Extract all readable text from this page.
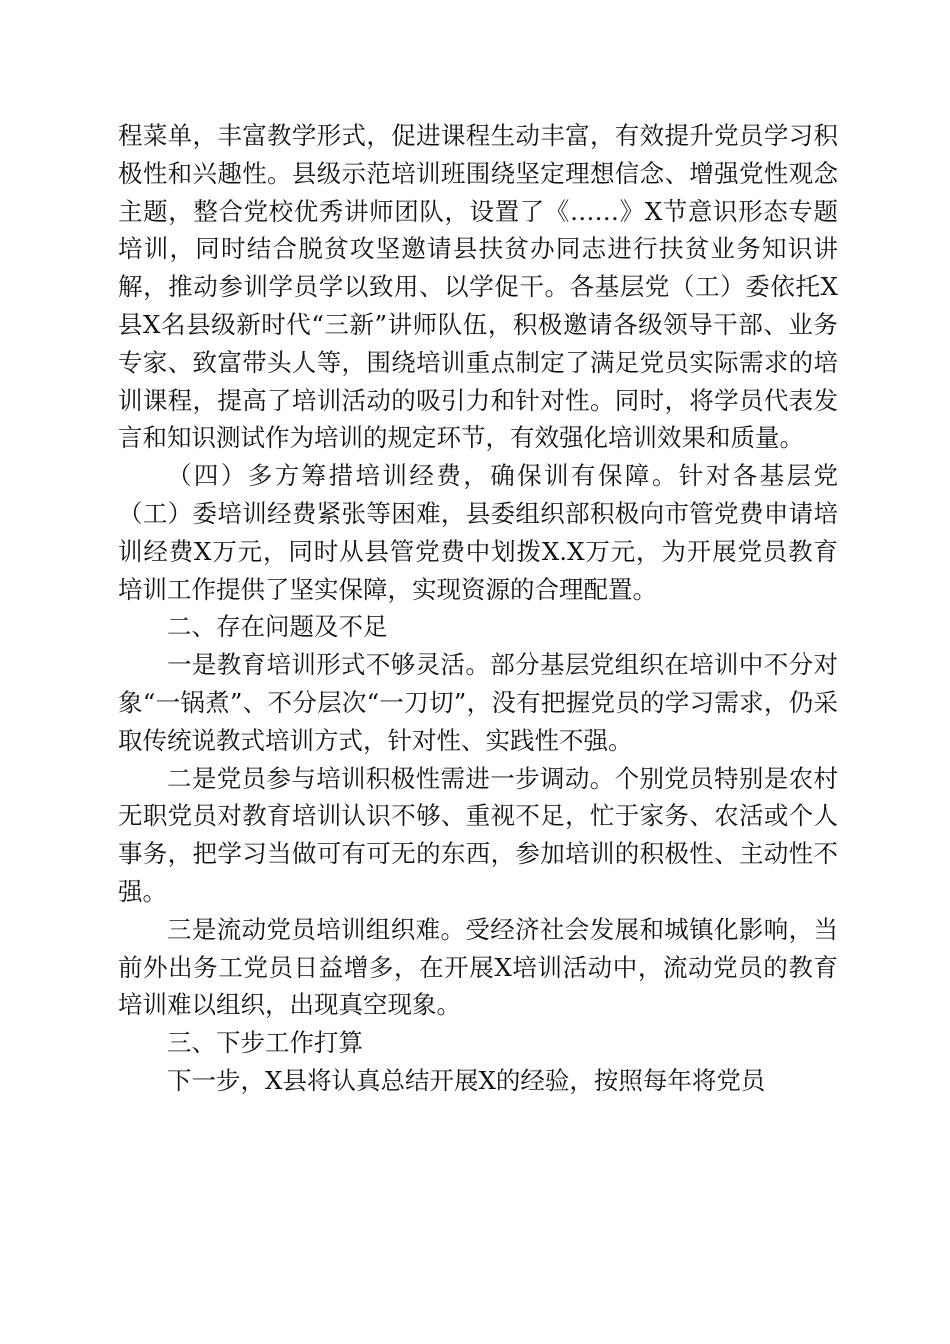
程菜单，丰富教学形式，促进课程生动丰富，有效提升党员学习积极性和兴趣性。县级示范培训班围绕坚定理想信念、增强党性观念主题，整合党校优秀讲师团队，设置了《……》X节意识形态专题培训，同时结合脱贫攻坚邀请县扶贫办同志进行扶贫业务知识讲解，推动参训学员学以致用、以学促干。各基层党（工）委依托X县X名县级新时代“三新”讲师队伍，积极邀请各级领导干部、业务专家、致富带头人等，围绕培训重点制定了满足党员实际需求的培训课程，提高了培训活动的吸引力和针对性。同时，将学员代表发言和知识测试作为培训的规定环节，有效强化培训效果和质量。

（四）多方筹措培训经费，确保训有保障。针对各基层党（工）委培训经费紧张等困难，县委组织部积极向市管党费申请培训经费X万元，同时从县管党费中划拨X.X万元，为开展党员教育培训工作提供了坚实保障，实现资源的合理配置。

二、存在问题及不足

一是教育培训形式不够灵活。部分基层党组织在培训中不分对象“一锅煮”、不分层次“一刀切”，没有把握党员的学习需求，仍采取传统说教式培训方式，针对性、实践性不强。

二是党员参与培训积极性需进一步调动。个别党员特别是农村无职党员对教育培训认识不够、重视不足，忙于家务、农活或个人事务，把学习当做可有可无的东西，参加培训的积极性、主动性不强。

三是流动党员培训组织难。受经济社会发展和城镇化影响，当前外出务工党员日益增多，在开展X培训活动中，流动党员的教育培训难以组织，出现真空现象。

三、下步工作打算

下一步，X县将认真总结开展X的经验，按照每年将党员
